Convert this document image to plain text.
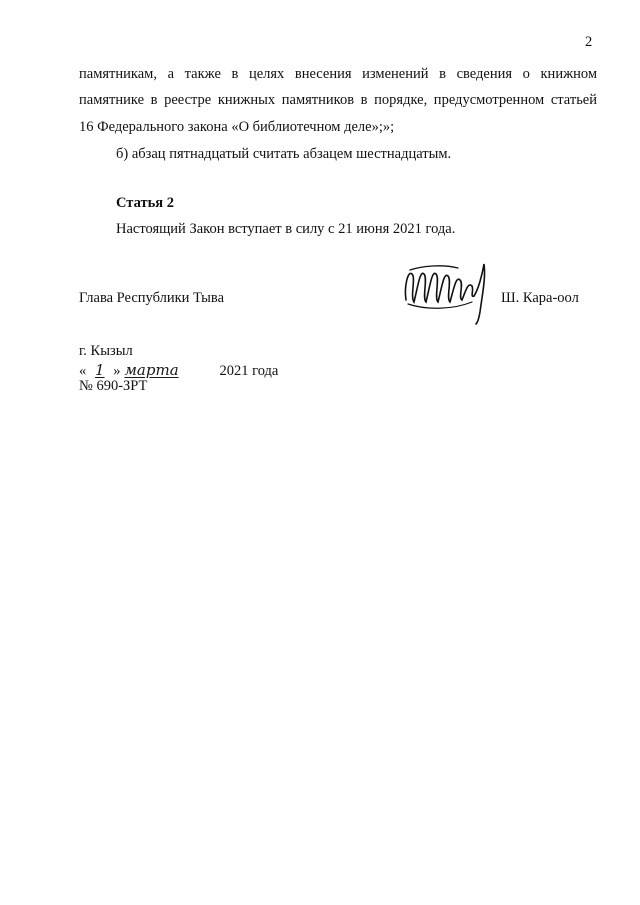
2
памятникам, а также в целях внесения изменений в сведения о книжном
памятнике в реестре книжных памятников в порядке, предусмотренном статьей
16 Федерального закона «О библиотечном деле»;»;
б) абзац пятнадцатый считать абзацем шестнадцатым.
Статья 2
Настоящий Закон вступает в силу с 21 июня 2021 года.
Глава Республики Тыва	Ш. Кара-оол
г. Кызыл
« 1 » марта	2021 года
№ 690-ЗРТ
